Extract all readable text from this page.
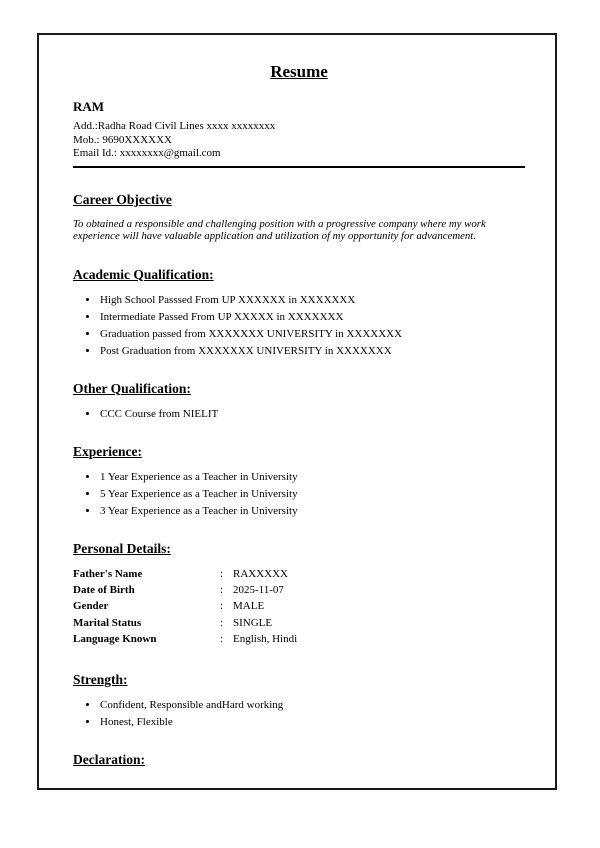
Resume
RAM
Add.:Radha Road Civil Lines xxxx xxxxxxxx
Mob.: 9690XXXXXX
Email Id.: xxxxxxxx@gmail.com
Career Objective
To obtained a responsible and challenging position with a progressive company where my work experience will have valuable application and utilization of my opportunity for advancement.
Academic Qualification:
• High School Passsed From UP XXXXXX in XXXXXXX
• Intermediate Passed From UP XXXXX in XXXXXXX
• Graduation passed from XXXXXXX UNIVERSITY in XXXXXXX
• Post Graduation from XXXXXXX UNIVERSITY in XXXXXXX
Other Qualification:
• CCC Course from NIELIT
Experience:
• 1 Year Experience as a Teacher in University
• 5 Year Experience as a Teacher in University
• 3 Year Experience as a Teacher in University
Personal Details:
Father's Name	: RAXXXXX
Date of Birth	: 2025-11-07
Gender	: MALE
Marital Status	: SINGLE
Language Known	: English, Hindi
Strength:
• Confident, Responsible andHard working
• Honest, Flexible
Declaration:
